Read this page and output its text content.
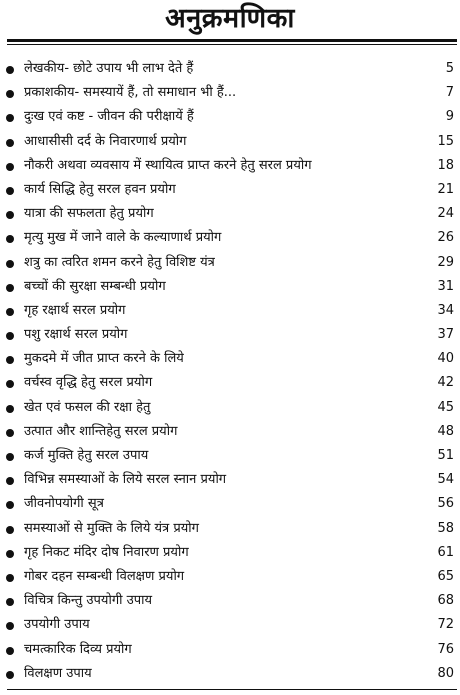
अनुक्रमणिका
लेखकीय- छोटे उपाय भी लाभ देते हैं	5
प्रकाशकीय- समस्यायें हैं, तो समाधान भी हैं...	7
दुःख एवं कष्ट - जीवन की परीक्षायें हैं	9
आधासीसी दर्द के निवारणार्थ प्रयोग	15
नौकरी अथवा व्यवसाय में स्थायित्व प्राप्त करने हेतु सरल प्रयोग	18
कार्य सिद्धि हेतु सरल हवन प्रयोग	21
यात्रा की सफलता हेतु प्रयोग	24
मृत्यु मुख में जाने वाले के कल्याणार्थ प्रयोग	26
शत्रु का त्वरित शमन करने हेतु विशिष्ट यंत्र	29
बच्चों की सुरक्षा सम्बन्धी प्रयोग	31
गृह रक्षार्थ सरल प्रयोग	34
पशु रक्षार्थ सरल प्रयोग	37
मुकदमे में जीत प्राप्त करने के लिये	40
वर्चस्व वृद्धि हेतु सरल प्रयोग	42
खेत एवं फसल की रक्षा हेतु	45
उत्पात और शान्तिहेतु सरल प्रयोग	48
कर्ज मुक्ति हेतु सरल उपाय	51
विभिन्न समस्याओं के लिये सरल स्नान प्रयोग	54
जीवनोपयोगी सूत्र	56
समस्याओं से मुक्ति के लिये यंत्र प्रयोग	58
गृह निकट मंदिर दोष निवारण प्रयोग	61
गोबर दहन सम्बन्धी विलक्षण प्रयोग	65
विचित्र किन्तु उपयोगी उपाय	68
उपयोगी उपाय	72
चमत्कारिक दिव्य प्रयोग	76
विलक्षण उपाय	80
